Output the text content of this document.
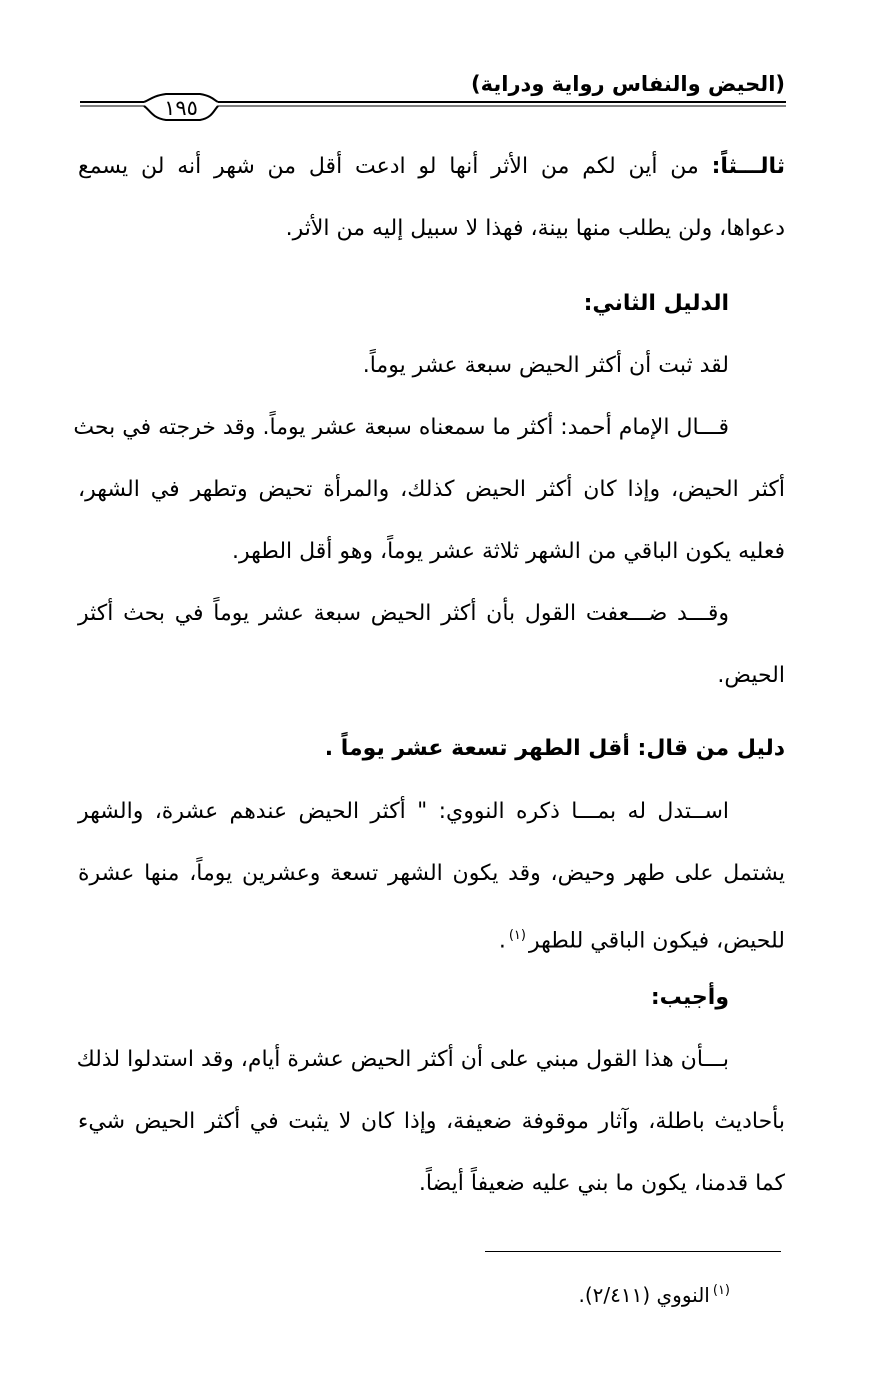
(الحيض والنفاس رواية ودراية)
١٩٥
ثالـــثاً: من أين لكم من الأثر أنها لو ادعت أقل من شهر أنه لن يسمع
دعواها، ولن يطلب منها بينة، فهذا لا سبيل إليه من الأثر.
الدليل الثاني:
لقد ثبت أن أكثر الحيض سبعة عشر يوماً.
قـــال الإمام أحمد: أكثر ما سمعناه سبعة عشر يوماً. وقد خرجته في بحث
أكثر الحيض، وإذا كان أكثر الحيض كذلك، والمرأة تحيض وتطهر في الشهر،
فعليه يكون الباقي من الشهر ثلاثة عشر يوماً، وهو أقل الطهر.
وقـــد ضـــعفت القول بأن أكثر الحيض سبعة عشر يوماً في بحث أكثر
الحيض.
دليل من قال: أقل الطهر تسعة عشر يوماً .
اســتدل له بمـــا ذكره النووي: " أكثر الحيض عندهم عشرة، والشهر
يشتمل على طهر وحيض، وقد يكون الشهر تسعة وعشرين يوماً، منها عشرة
للحيض، فيكون الباقي للطهر$^{(١)}$.
وأجيب:
بـــأن هذا القول مبني على أن أكثر الحيض عشرة أيام، وقد استدلوا لذلك
بأحاديث باطلة، وآثار موقوفة ضعيفة، وإذا كان لا يثبت في أكثر الحيض شيء
كما قدمنا، يكون ما بني عليه ضعيفاً أيضاً.
$^{(١)}$النووي (٢/٤١١).
